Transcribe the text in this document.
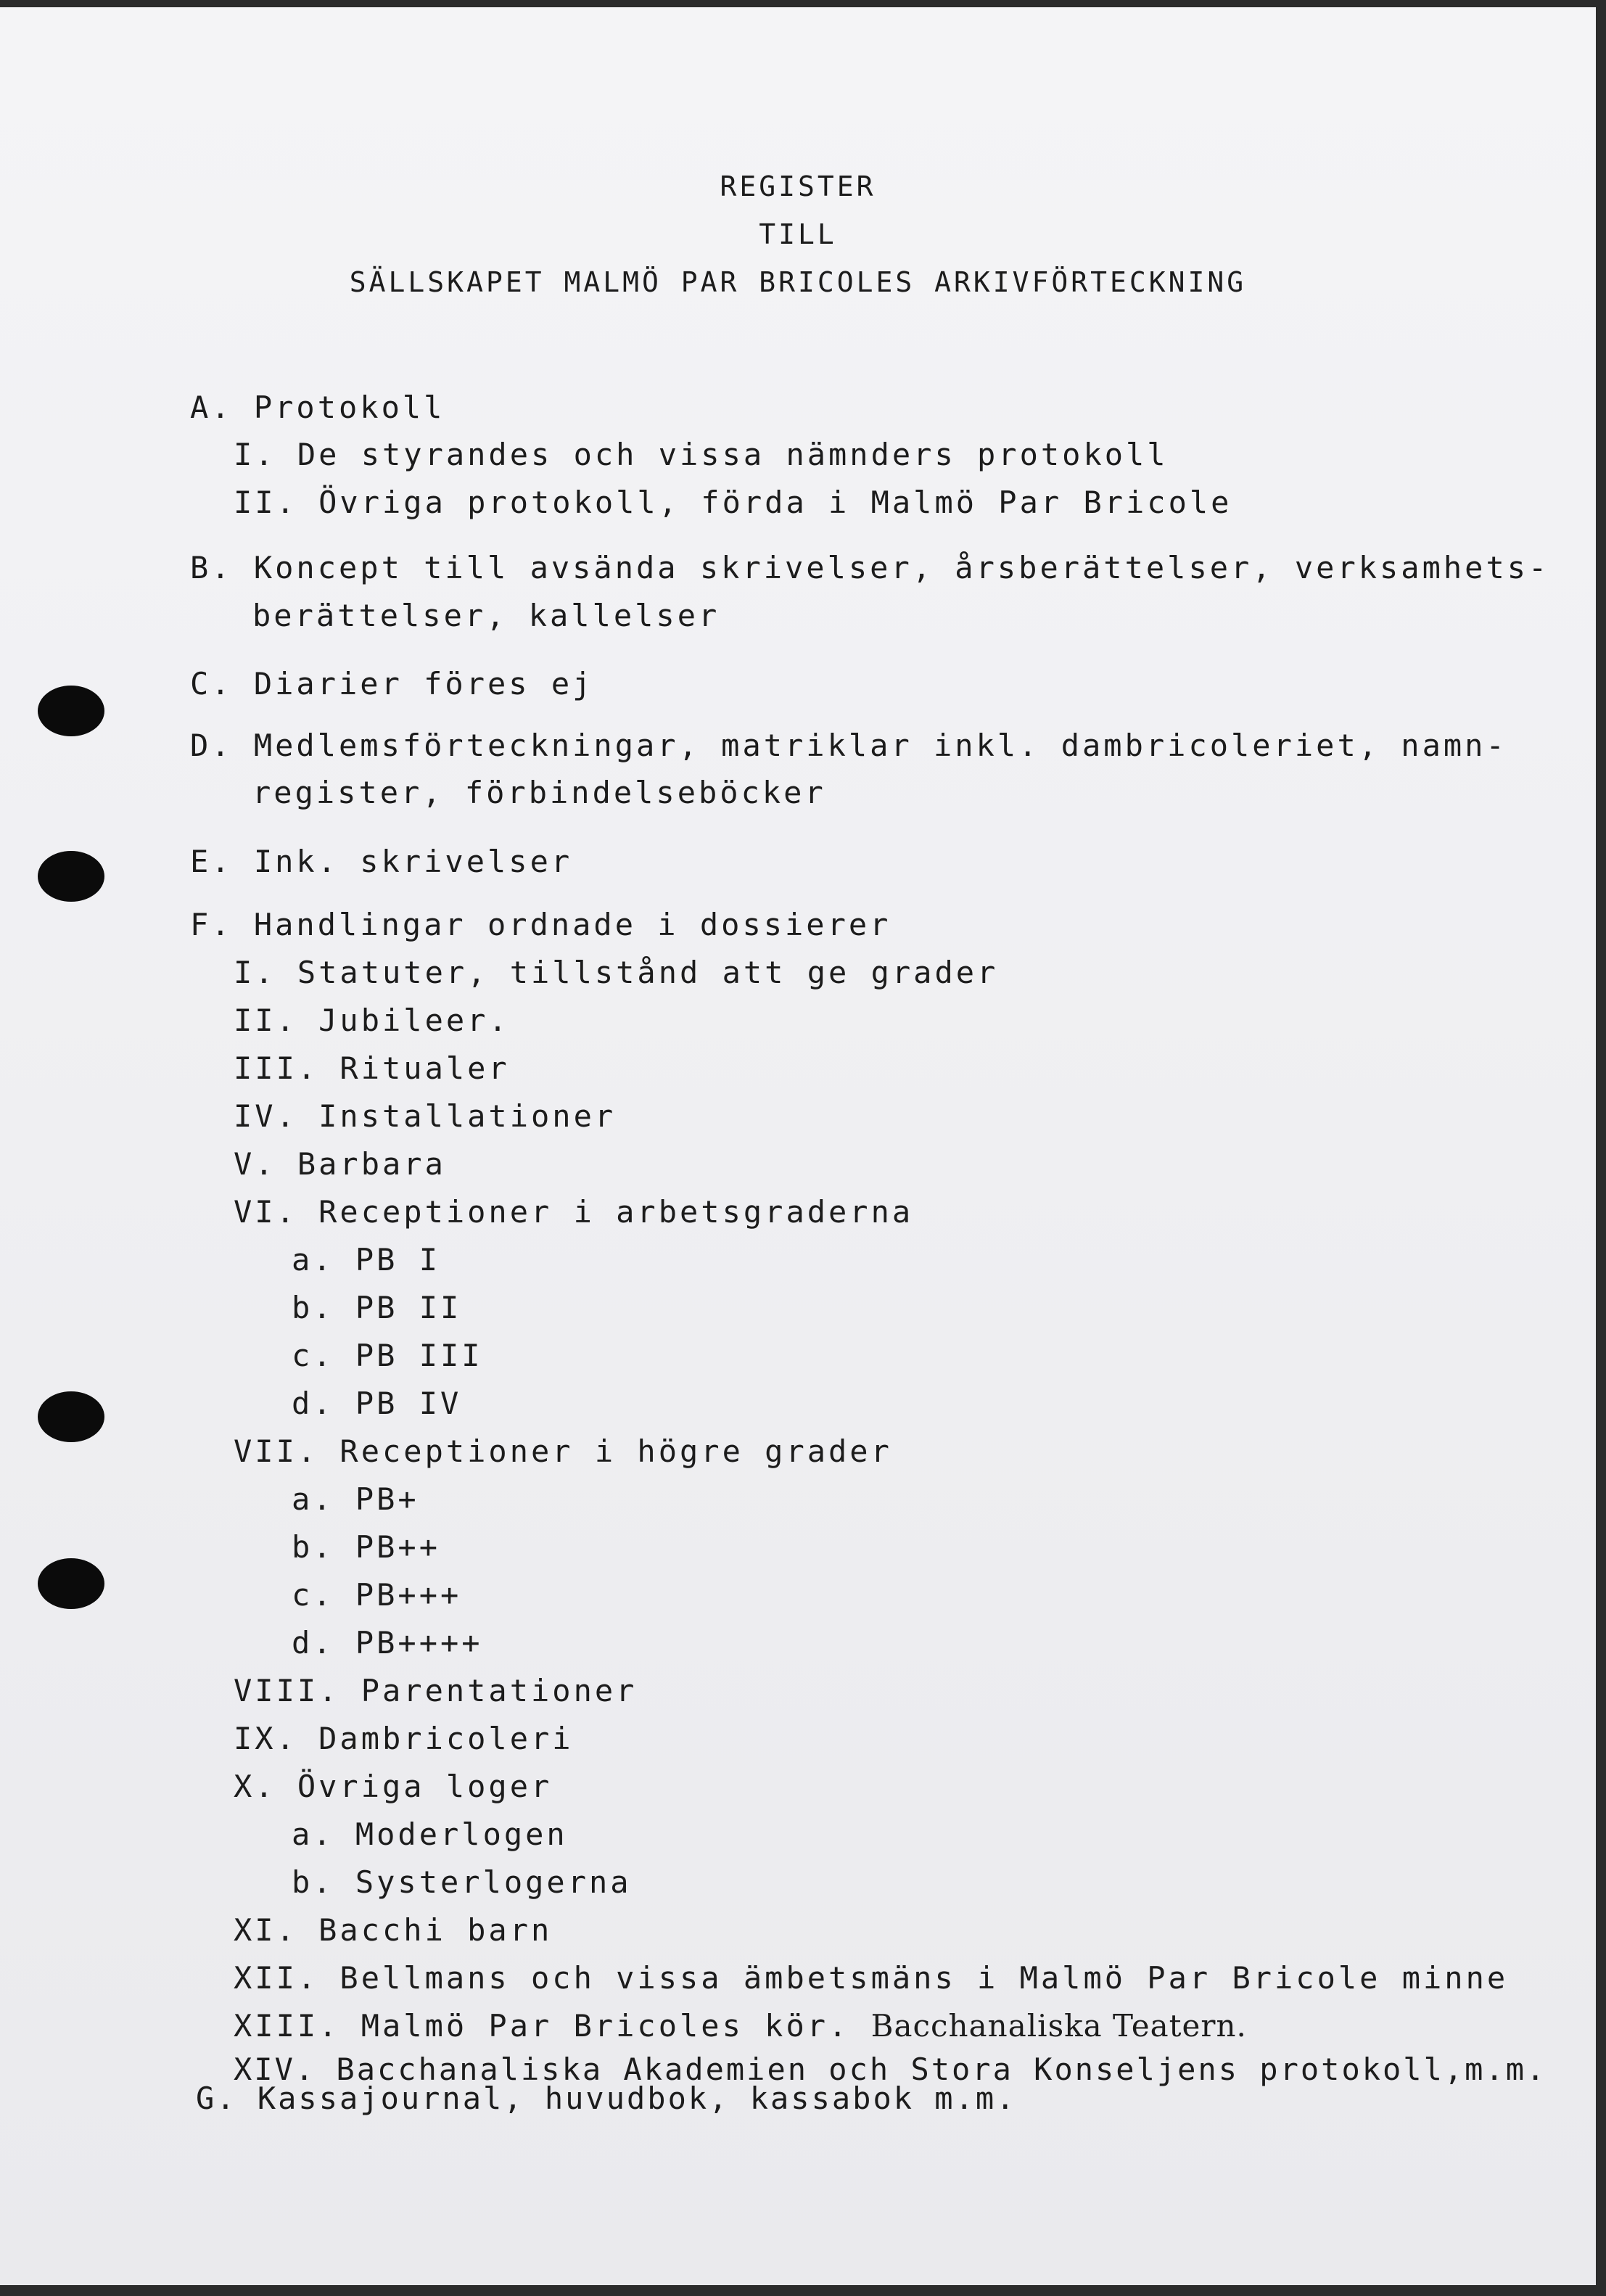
REGISTER
TILL
SÄLLSKAPET MALMÖ PAR BRICOLES ARKIVFÖRTECKNING
A. Protokoll
I. De styrandes och vissa nämnders protokoll
II. Övriga protokoll, förda i Malmö Par Bricole
B. Koncept till avsända skrivelser, årsberättelser, verksamhets-
berättelser, kallelser
C. Diarier föres ej
D. Medlemsförteckningar, matriklar inkl. dambricoleriet, namn-
register, förbindelseböcker
E. Ink. skrivelser
F. Handlingar ordnade i dossierer
I. Statuter, tillstånd att ge grader
II. Jubileer.
III. Ritualer
IV. Installationer
V. Barbara
VI. Receptioner i arbetsgraderna
a. PB I
b. PB II
c. PB III
d. PB IV
VII. Receptioner i högre grader
a. PB+
b. PB++
c. PB+++
d. PB++++
VIII. Parentationer
IX. Dambricoleri
X. Övriga loger
a. Moderlogen
b. Systerlogerna
XI. Bacchi barn
XII. Bellmans och vissa ämbetsmäns i Malmö Par Bricole minne
XIII. Malmö Par Bricoles kör. Bacchanaliska Teatern.
XIV. Bacchanaliska Akademien och Stora Konseljens protokoll,m.m.
G. Kassajournal, huvudbok, kassabok m.m.
